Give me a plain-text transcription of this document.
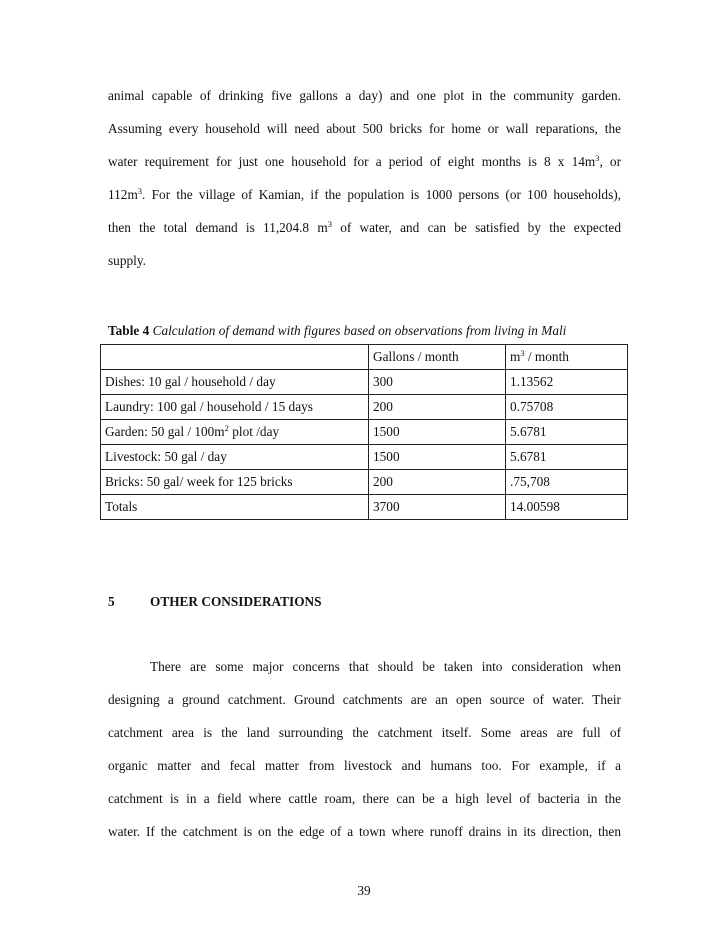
animal capable of drinking five gallons a day) and one plot in the community garden.
Assuming every household will need about 500 bricks for home or wall reparations, the
water requirement for just one household for a period of eight months is 8 x $14m^3$, or
$112m^3$. For the village of Kamian, if the population is 1000 persons (or 100 households),
then the total demand is 11,204.8 $m^3$ of water, and can be satisfied by the expected
supply.
Table 4 Calculation of demand with figures based on observations from living in Mali
	Gallons / month	$m^3$ / month
Dishes: 10 gal / household / day	300	1.13562
Laundry: 100 gal / household / 15 days	200	0.75708
Garden: 50 gal / $100m^2$ plot /day	1500	5.6781
Livestock: 50 gal / day	1500	5.6781
Bricks: 50 gal/ week for 125 bricks	200	.75,708
Totals	3700	14.00598
5	OTHER CONSIDERATIONS
There are some major concerns that should be taken into consideration when
designing a ground catchment. Ground catchments are an open source of water. Their
catchment area is the land surrounding the catchment itself. Some areas are full of
organic matter and fecal matter from livestock and humans too. For example, if a
catchment is in a field where cattle roam, there can be a high level of bacteria in the
water. If the catchment is on the edge of a town where runoff drains in its direction, then
39
